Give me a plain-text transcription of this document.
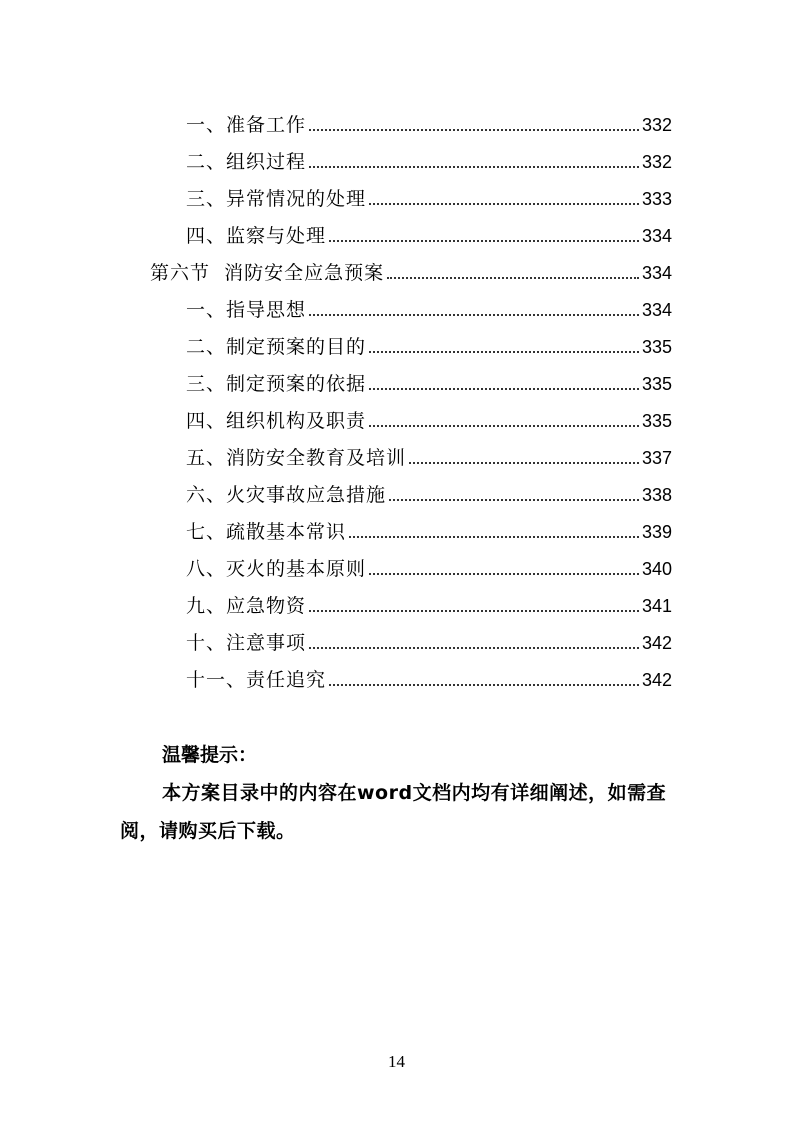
一、准备工作	332
二、组织过程	332
三、异常情况的处理	333
四、监察与处理	334
第六节  消防安全应急预案	334
一、指导思想	334
二、制定预案的目的	335
三、制定预案的依据	335
四、组织机构及职责	335
五、消防安全教育及培训	337
六、火灾事故应急措施	338
七、疏散基本常识	339
八、灭火的基本原则	340
九、应急物资	341
十、注意事项	342
十一、责任追究	342

温馨提示：

本方案目录中的内容在word文档内均有详细阐述，如需查阅，请购买后下载。

14
